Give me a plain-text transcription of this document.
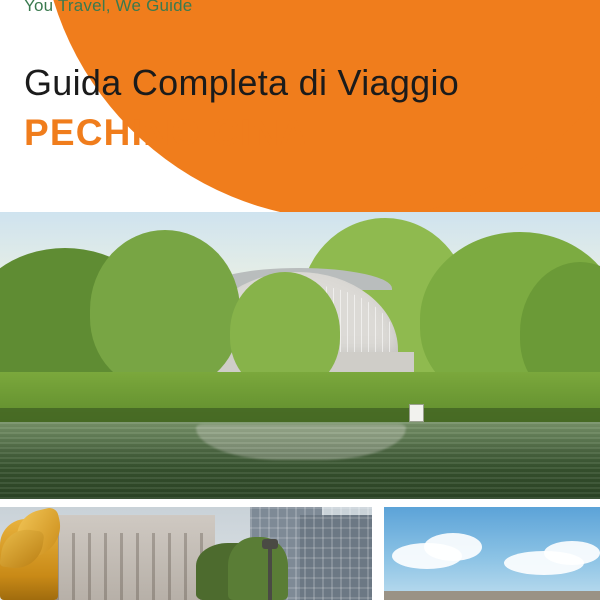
You Travel, We Guide
Guida Completa di Viaggio
PECHINO CINA
